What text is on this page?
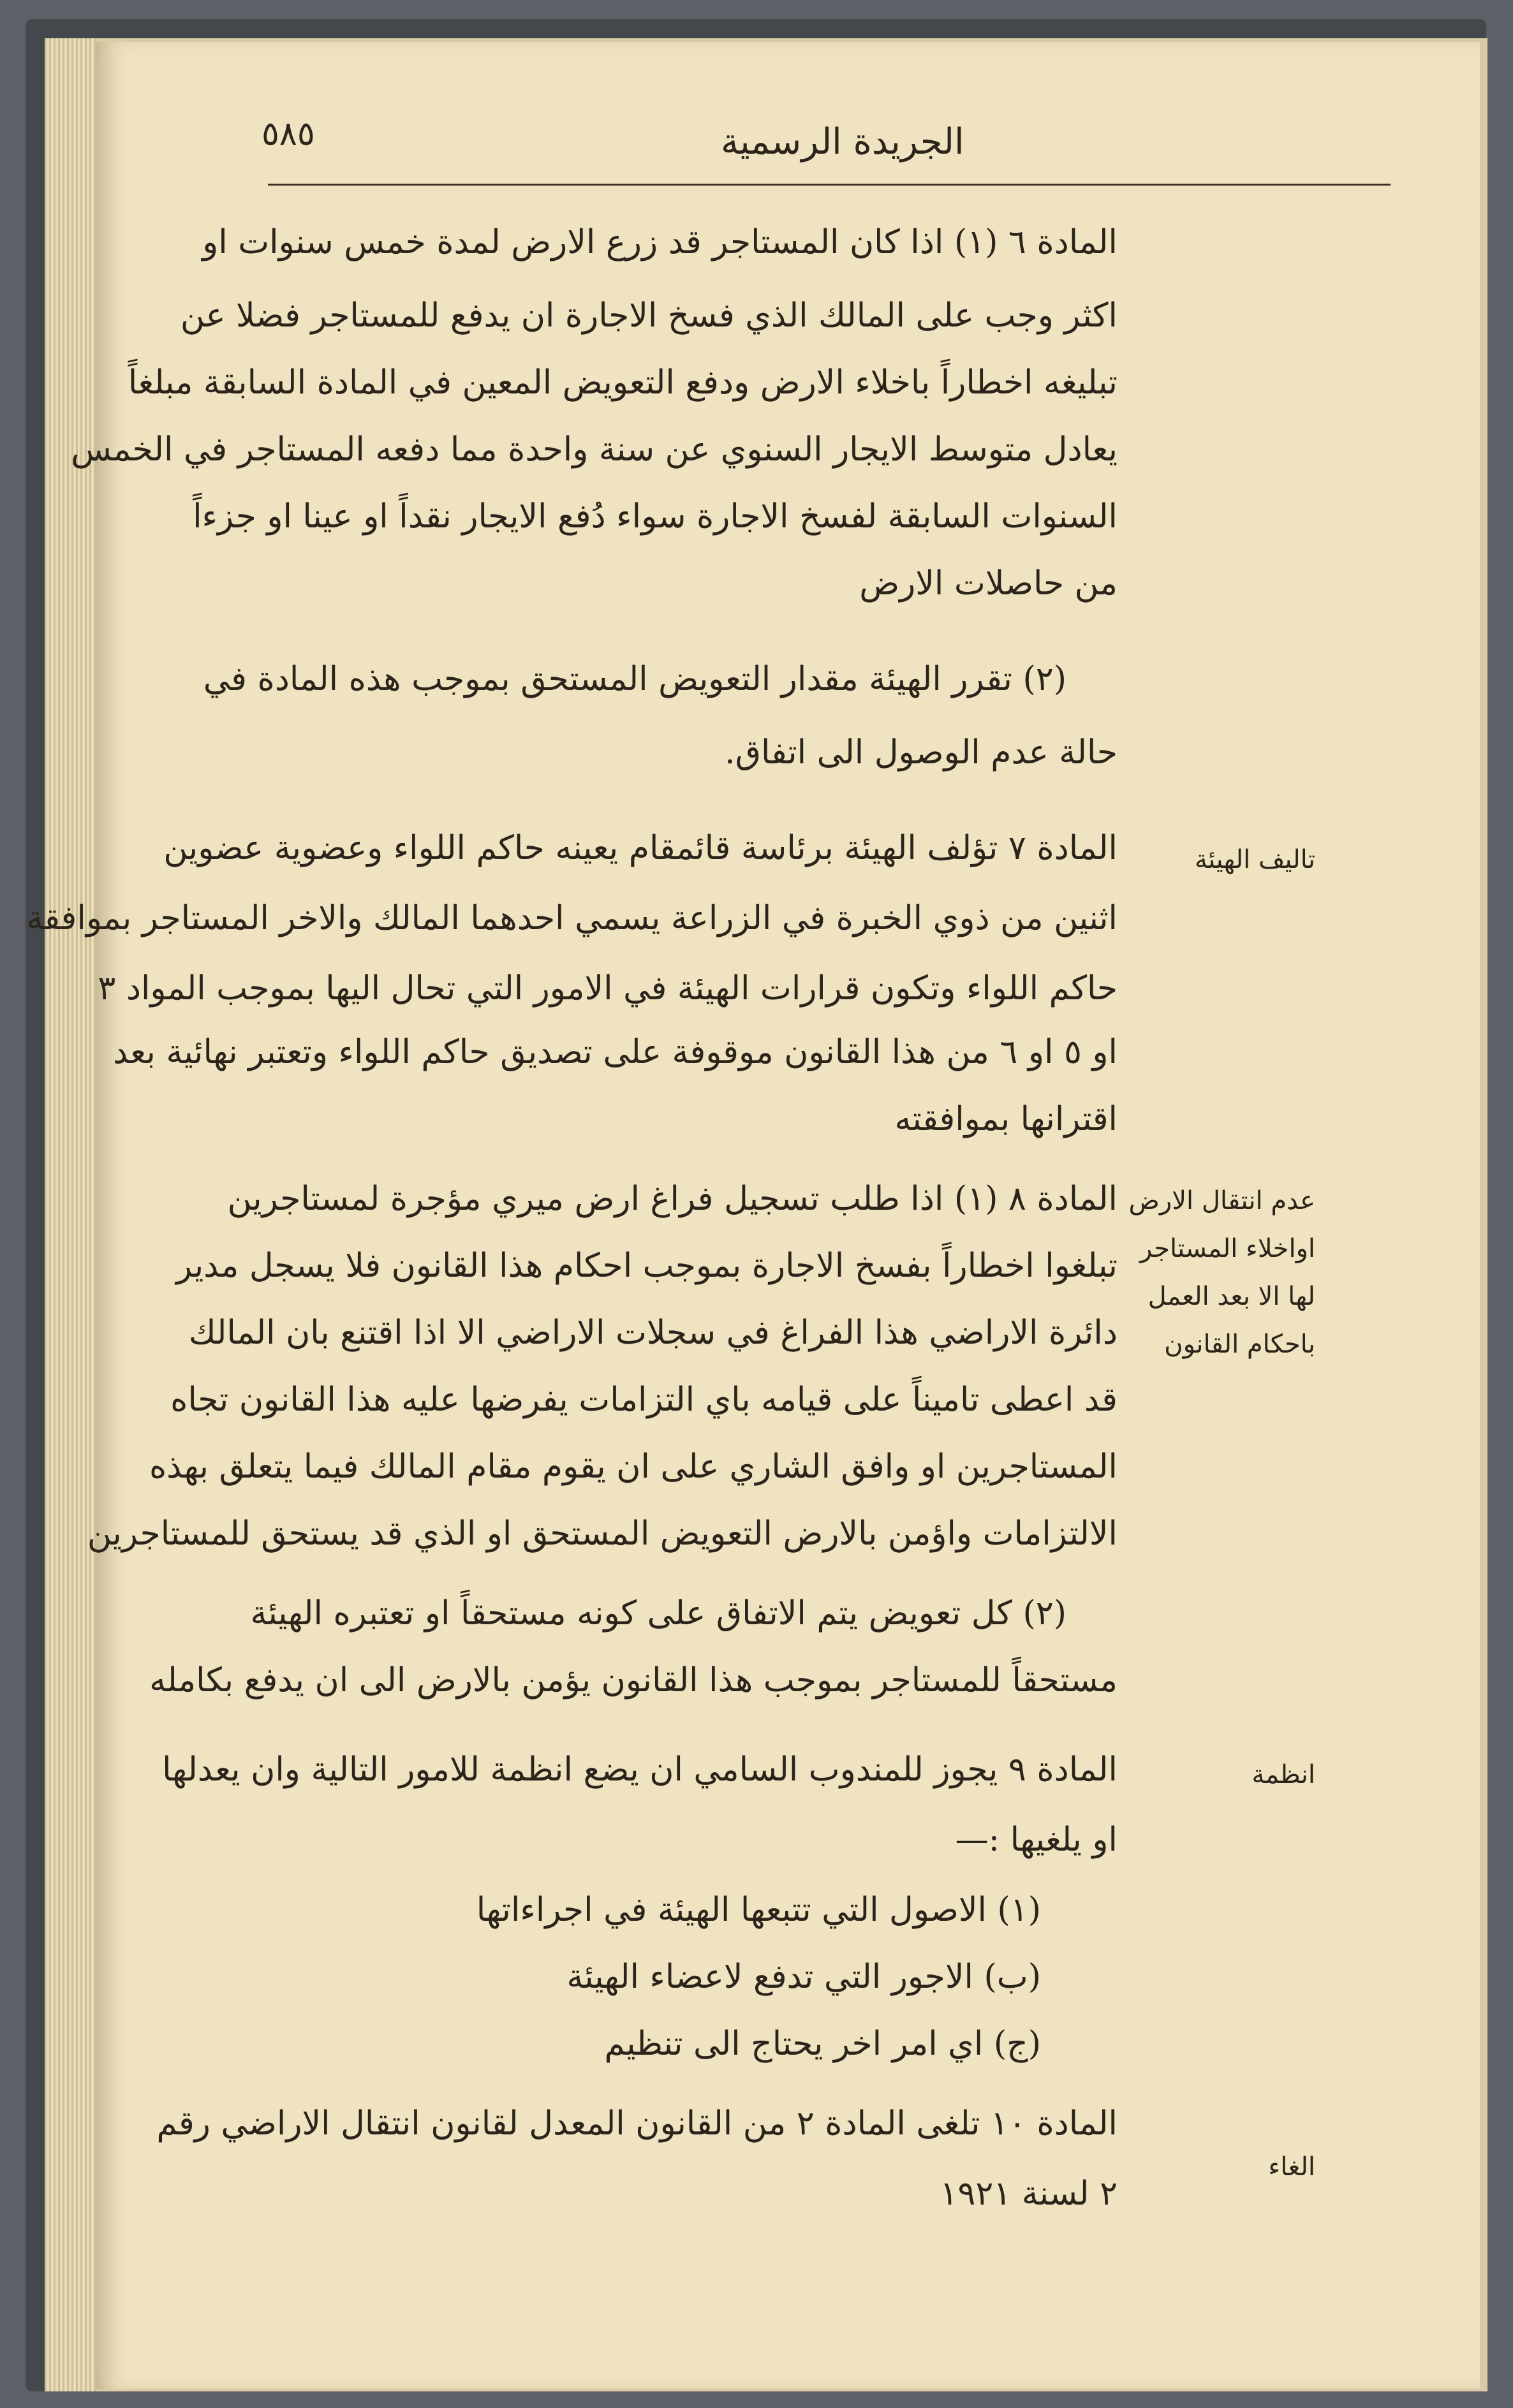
٥٨٥	الجريدة الرسمية
المادة ٦ (١) اذا كان المستاجر قد زرع الارض لمدة خمس سنوات او
اكثر وجب على المالك الذي فسخ الاجارة ان يدفع للمستاجر فضلا عن
تبليغه اخطاراً باخلاء الارض ودفع التعويض المعين في المادة السابقة مبلغاً
يعادل متوسط الايجار السنوي عن سنة واحدة مما دفعه المستاجر في الخمس
السنوات السابقة لفسخ الاجارة سواء دُفع الايجار نقداً او عينا او جزءاً
من حاصلات الارض
(٢) تقرر الهيئة مقدار التعويض المستحق بموجب هذه المادة في
حالة عدم الوصول الى اتفاق.
تاليف الهيئة
المادة ٧ تؤلف الهيئة برئاسة قائمقام يعينه حاكم اللواء وعضوية عضوين
اثنين من ذوي الخبرة في الزراعة يسمي احدهما المالك والاخر المستاجر بموافقة
حاكم اللواء وتكون قرارات الهيئة في الامور التي تحال اليها بموجب المواد ٣
او ٥ او ٦ من هذا القانون موقوفة على تصديق حاكم اللواء وتعتبر نهائية بعد
اقترانها بموافقته
عدم انتقال الارض
اواخلاء المستاجر
لها الا بعد العمل
باحكام القانون
المادة ٨ (١) اذا طلب تسجيل فراغ ارض ميري مؤجرة لمستاجرين
تبلغوا اخطاراً بفسخ الاجارة بموجب احكام هذا القانون فلا يسجل مدير
دائرة الاراضي هذا الفراغ في سجلات الاراضي الا اذا اقتنع بان المالك
قد اعطى تاميناً على قيامه باي التزامات يفرضها عليه هذا القانون تجاه
المستاجرين او وافق الشاري على ان يقوم مقام المالك فيما يتعلق بهذه
الالتزامات واؤمن بالارض التعويض المستحق او الذي قد يستحق للمستاجرين
(٢) كل تعويض يتم الاتفاق على كونه مستحقاً او تعتبره الهيئة
مستحقاً للمستاجر بموجب هذا القانون يؤمن بالارض الى ان يدفع بكامله
انظمة
المادة ٩ يجوز للمندوب السامي ان يضع انظمة للامور التالية وان يعدلها
او يلغيها :—
(١) الاصول التي تتبعها الهيئة في اجراءاتها
(ب) الاجور التي تدفع لاعضاء الهيئة
(ج) اي امر اخر يحتاج الى تنظيم
الغاء
المادة ١٠ تلغى المادة ٢ من القانون المعدل لقانون انتقال الاراضي رقم
٢ لسنة ١٩٢١
